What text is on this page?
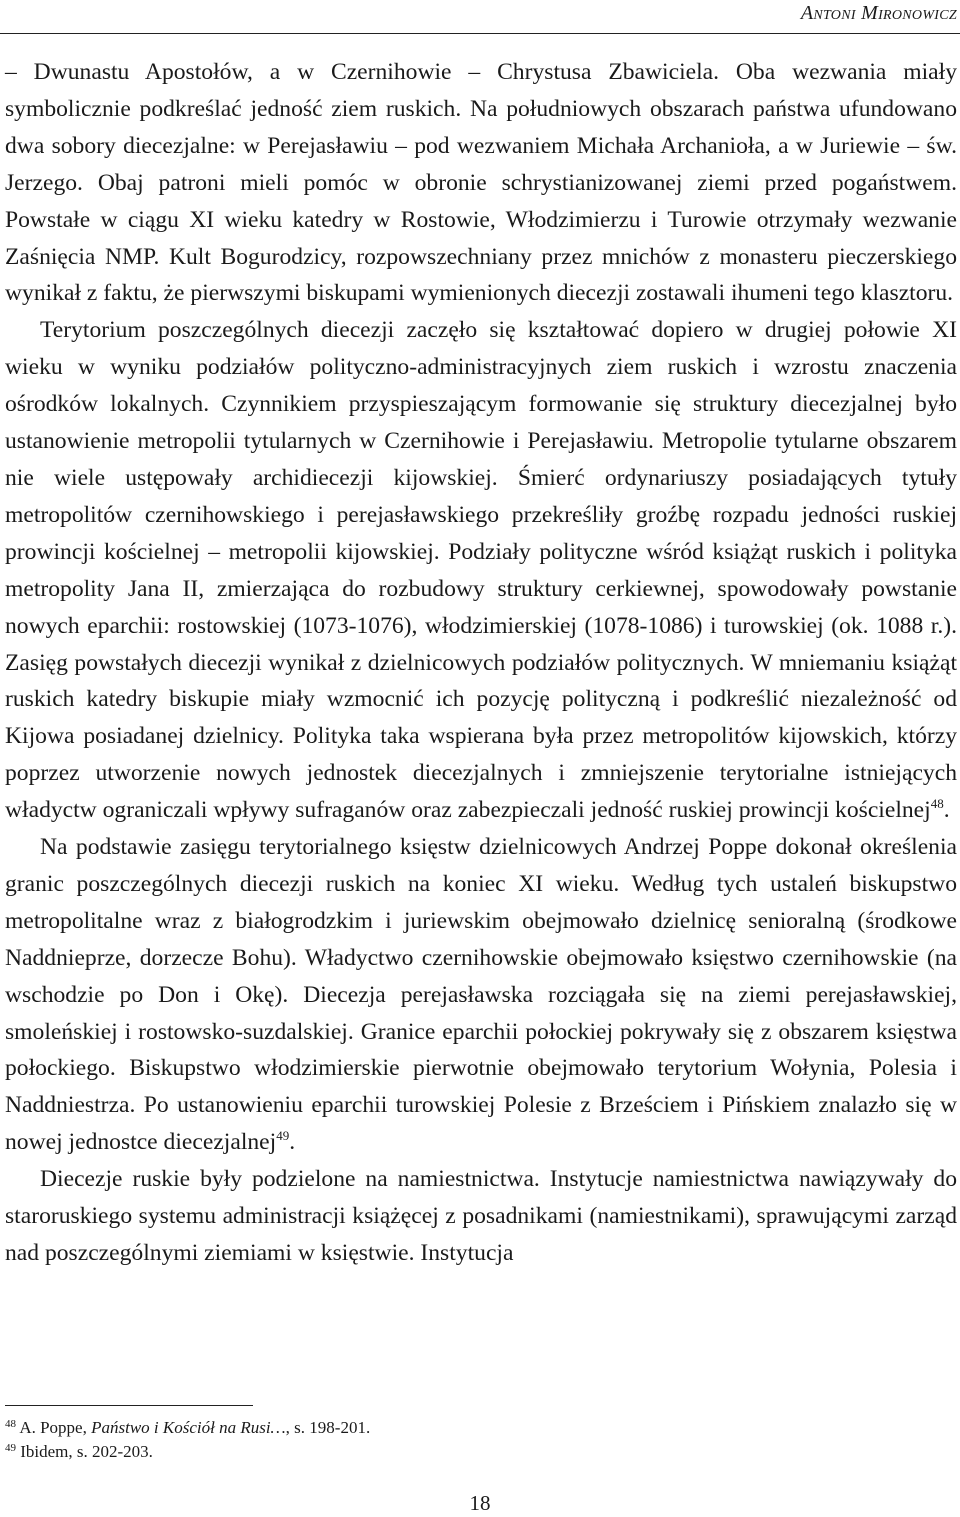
Antoni Mironowicz

– Dwunastu Apostołów, a w Czernihowie – Chrystusa Zbawiciela. Oba wezwania miały symbolicznie podkreślać jedność ziem ruskich. Na południowych obszarach państwa ufundowano dwa sobory diecezjalne: w Perejasławiu – pod wezwaniem Michała Archanioła, a w Juriewie – św. Jerzego. Obaj patroni mieli pomóc w obronie schrystianizowanej ziemi przed pogaństwem. Powstałe w ciągu XI wieku katedry w Rostowie, Włodzimierzu i Turowie otrzymały wezwanie Zaśnięcia NMP. Kult Bogurodzicy, rozpowszechniany przez mnichów z monasteru pieczerskiego wynikał z faktu, że pierwszymi biskupami wymienionych diecezji zostawali ihumeni tego klasztoru.

Terytorium poszczególnych diecezji zaczęło się kształtować dopiero w drugiej połowie XI wieku w wyniku podziałów polityczno-administracyjnych ziem ruskich i wzrostu znaczenia ośrodków lokalnych. Czynnikiem przyspieszającym formowanie się struktury diecezjalnej było ustanowienie metropolii tytularnych w Czernihowie i Perejasławiu. Metropolie tytularne obszarem nie wiele ustępowały archidiecezji kijowskiej. Śmierć ordynariuszy posiadających tytuły metropolitów czernihowskiego i perejasławskiego przekreśliły groźbę rozpadu jedności ruskiej prowincji kościelnej – metropolii kijowskiej. Podziały polityczne wśród książąt ruskich i polityka metropolity Jana II, zmierzająca do rozbudowy struktury cerkiewnej, spowodowały powstanie nowych eparchii: rostowskiej (1073-1076), włodzimierskiej (1078-1086) i turowskiej (ok. 1088 r.). Zasięg powstałych diecezji wynikał z dzielnicowych podziałów politycznych. W mniemaniu książąt ruskich katedry biskupie miały wzmocnić ich pozycję polityczną i podkreślić niezależność od Kijowa posiadanej dzielnicy. Polityka taka wspierana była przez metropolitów kijowskich, którzy poprzez utworzenie nowych jednostek diecezjalnych i zmniejszenie terytorialne istniejących władyctw ograniczali wpływy sufraganów oraz zabezpieczali jedność ruskiej prowincji kościelnej$^{48}$.

Na podstawie zasięgu terytorialnego księstw dzielnicowych Andrzej Poppe dokonał określenia granic poszczególnych diecezji ruskich na koniec XI wieku. Według tych ustaleń biskupstwo metropolitalne wraz z białogrodzkim i juriewskim obejmowało dzielnicę senioralną (środkowe Naddnieprze, dorzecze Bohu). Władyctwo czernihowskie obejmowało księstwo czernihowskie (na wschodzie po Don i Okę). Diecezja perejasławska rozciągała się na ziemi perejasławskiej, smoleńskiej i rostowsko-suzdalskiej. Granice eparchii połockiej pokrywały się z obszarem księstwa połockiego. Biskupstwo włodzimierskie pierwotnie obejmowało terytorium Wołynia, Polesia i Naddniestrza. Po ustanowieniu eparchii turowskiej Polesie z Brześciem i Pińskiem znalazło się w nowej jednostce diecezjalnej$^{49}$.

Diecezje ruskie były podzielone na namiestnictwa. Instytucje namiestnictwa nawiązywały do staroruskiego systemu administracji książęcej z posadnikami (namiestnikami), sprawującymi zarząd nad poszczególnymi ziemiami w księstwie. Instytucja

$^{48}$ A. Poppe, Państwo i Kościół na Rusi…, s. 198-201.

$^{49}$ Ibidem, s. 202-203.

18
